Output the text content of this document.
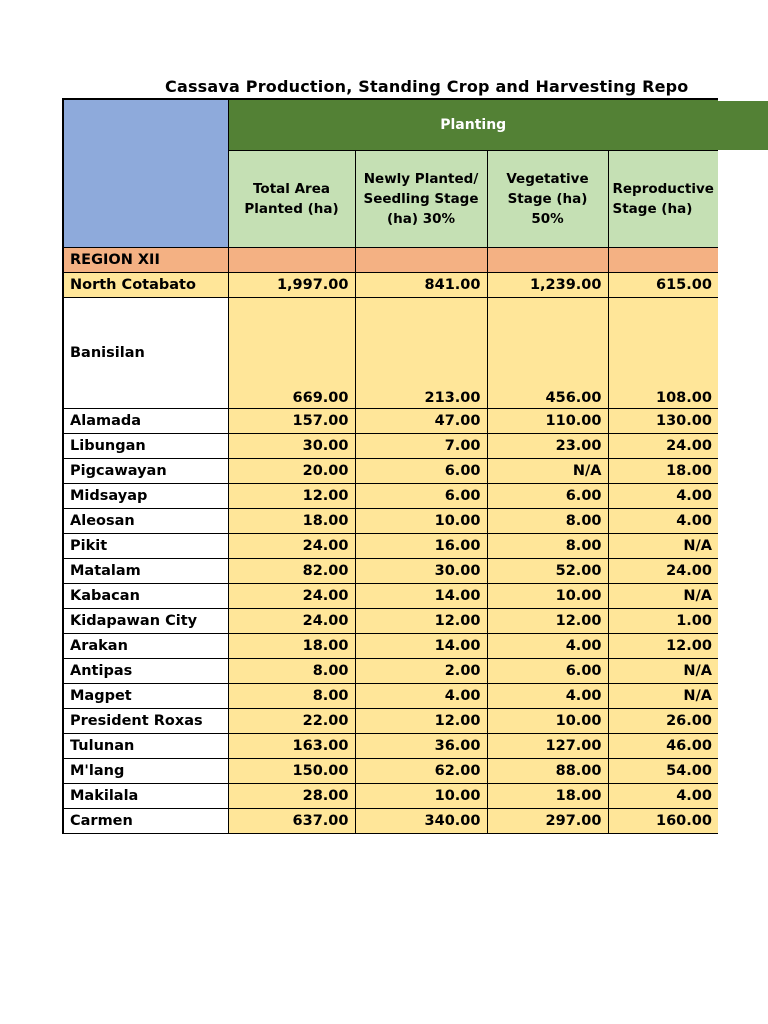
Cassava Production, Standing Crop and Harvesting Repo
	Planting			
	Total Area Planted (ha)	Newly Planted/ Seedling Stage (ha) 30%	Vegetative Stage (ha) 50%	Reproductive Stage (ha)
REGION XII				
North Cotabato	1,997.00	841.00	1,239.00	615.00
Banisilan	669.00	213.00	456.00	108.00
Alamada	157.00	47.00	110.00	130.00
Libungan	30.00	7.00	23.00	24.00
Pigcawayan	20.00	6.00	N/A	18.00
Midsayap	12.00	6.00	6.00	4.00
Aleosan	18.00	10.00	8.00	4.00
Pikit	24.00	16.00	8.00	N/A
Matalam	82.00	30.00	52.00	24.00
Kabacan	24.00	14.00	10.00	N/A
Kidapawan City	24.00	12.00	12.00	1.00
Arakan	18.00	14.00	4.00	12.00
Antipas	8.00	2.00	6.00	N/A
Magpet	8.00	4.00	4.00	N/A
President Roxas	22.00	12.00	10.00	26.00
Tulunan	163.00	36.00	127.00	46.00
M'lang	150.00	62.00	88.00	54.00
Makilala	28.00	10.00	18.00	4.00
Carmen	637.00	340.00	297.00	160.00
